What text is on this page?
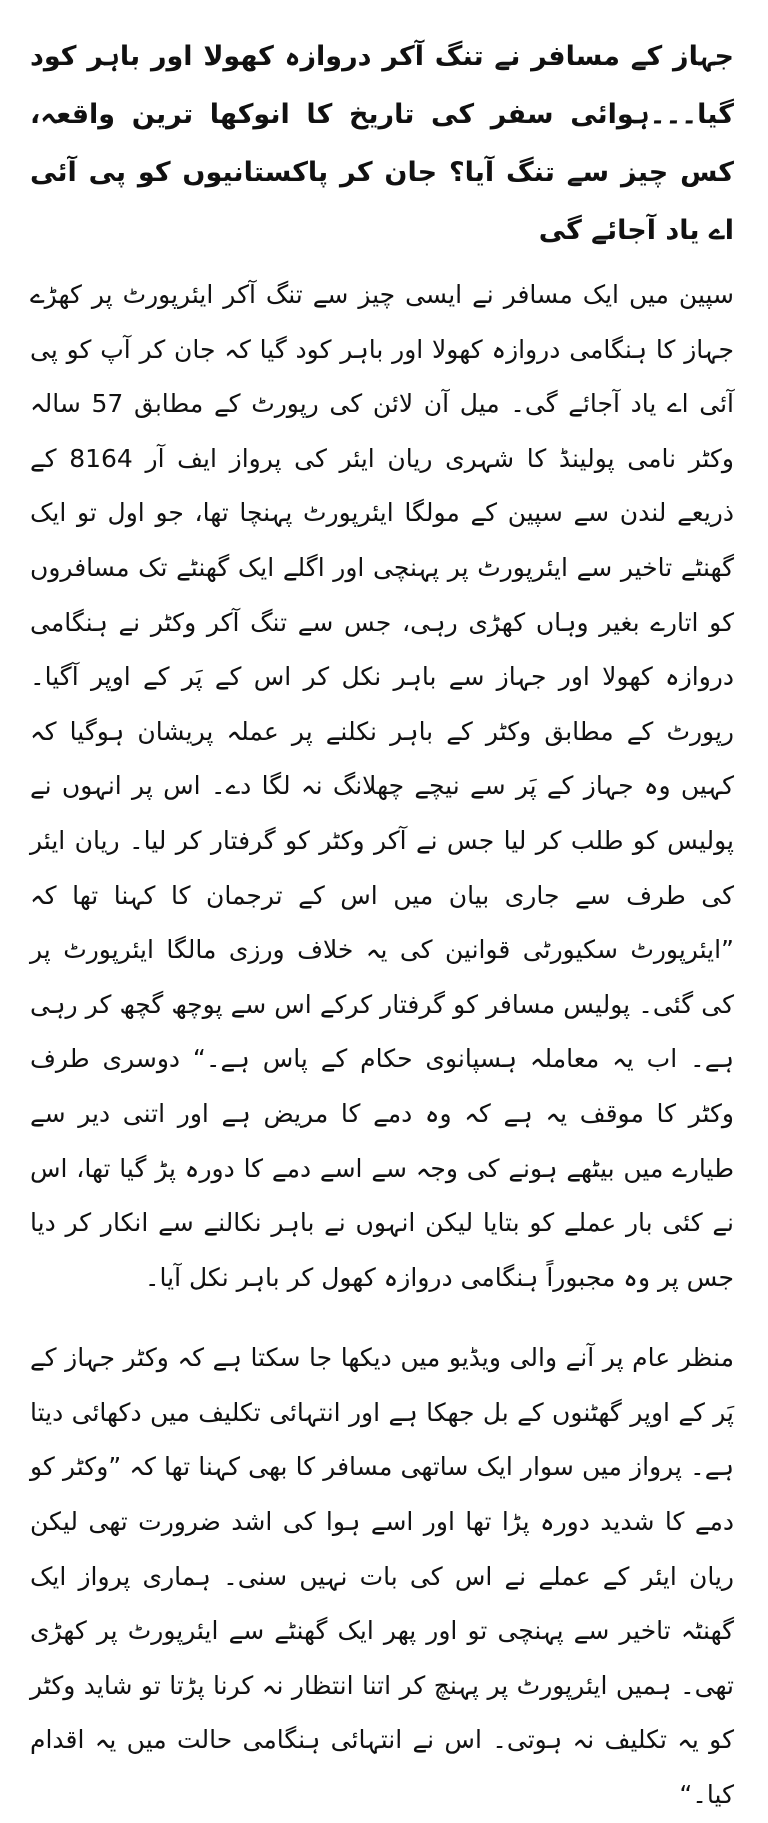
جہاز کے مسافر نے تنگ آکر دروازہ کھولا اور باہر کود گیا۔۔۔ہوائی سفر کی تاریخ کا انوکھا ترین واقعہ، کس چیز سے تنگ آیا؟ جان کر پاکستانیوں کو پی آئی اے یاد آجائے گی

سپین میں ایک مسافر نے ایسی چیز سے تنگ آکر ایئرپورٹ پر کھڑے جہاز کا ہنگامی دروازہ کھولا اور باہر کود گیا کہ جان کر آپ کو پی آئی اے یاد آجائے گی۔ میل آن لائن کی رپورٹ کے مطابق 57 سالہ وکٹر نامی پولینڈ کا شہری ریان ایئر کی پرواز ایف آر 8164 کے ذریعے لندن سے سپین کے مولگا ایئرپورٹ پہنچا تھا، جو اول تو ایک گھنٹے تاخیر سے ایئرپورٹ پر پہنچی اور اگلے ایک گھنٹے تک مسافروں کو اتارے بغیر وہاں کھڑی رہی، جس سے تنگ آکر وکٹر نے ہنگامی دروازہ کھولا اور جہاز سے باہر نکل کر اس کے پَر کے اوپر آگیا۔ رپورٹ کے مطابق وکٹر کے باہر نکلنے پر عملہ پریشان ہوگیا کہ کہیں وہ جہاز کے پَر سے نیچے چھلانگ نہ لگا دے۔ اس پر انہوں نے پولیس کو طلب کر لیا جس نے آکر وکٹر کو گرفتار کر لیا۔ ریان ایئر کی طرف سے جاری بیان میں اس کے ترجمان کا کہنا تھا کہ ”ایئرپورٹ سکیورٹی قوانین کی یہ خلاف ورزی مالگا ایئرپورٹ پر کی گئی۔ پولیس مسافر کو گرفتار کرکے اس سے پوچھ گچھ کر رہی ہے۔ اب یہ معاملہ ہسپانوی حکام کے پاس ہے۔“ دوسری طرف وکٹر کا موقف یہ ہے کہ وہ دمے کا مریض ہے اور اتنی دیر سے طیارے میں بیٹھے ہونے کی وجہ سے اسے دمے کا دورہ پڑ گیا تھا، اس نے کئی بار عملے کو بتایا لیکن انہوں نے باہر نکالنے سے انکار کر دیا جس پر وہ مجبوراً ہنگامی دروازہ کھول کر باہر نکل آیا۔

منظر عام پر آنے والی ویڈیو میں دیکھا جا سکتا ہے کہ وکٹر جہاز کے پَر کے اوپر گھٹنوں کے بل جھکا ہے اور انتہائی تکلیف میں دکھائی دیتا ہے۔ پرواز میں سوار ایک ساتھی مسافر کا بھی کہنا تھا کہ ”وکٹر کو دمے کا شدید دورہ پڑا تھا اور اسے ہوا کی اشد ضرورت تھی لیکن ریان ایئر کے عملے نے اس کی بات نہیں سنی۔ ہماری پرواز ایک گھنٹہ تاخیر سے پہنچی تو اور پھر ایک گھنٹے سے ایئرپورٹ پر کھڑی تھی۔ ہمیں ایئرپورٹ پر پہنچ کر اتنا انتظار نہ کرنا پڑتا تو شاید وکٹر کو یہ تکلیف نہ ہوتی۔ اس نے انتہائی ہنگامی حالت میں یہ اقدام کیا۔“
